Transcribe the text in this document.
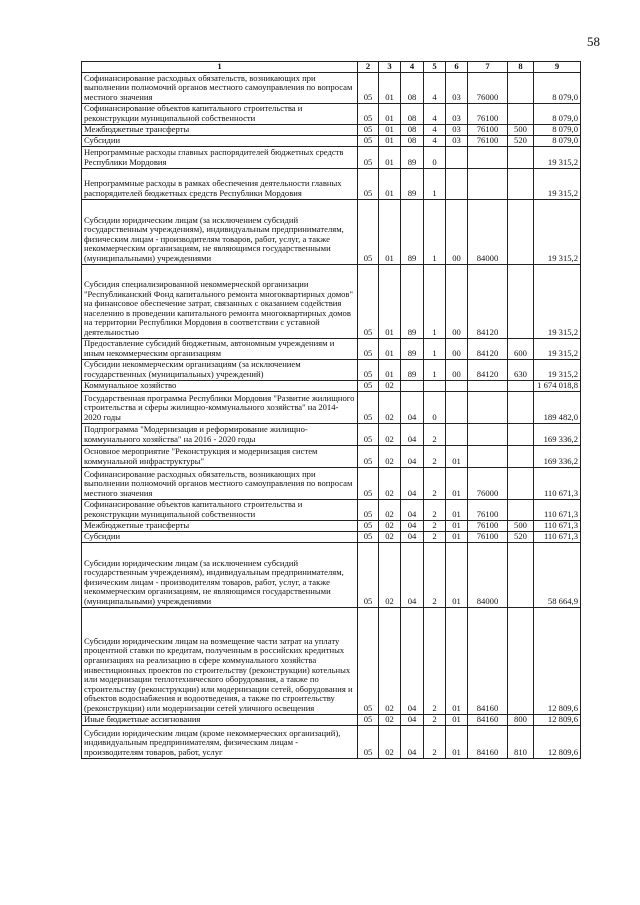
58
1	2	3	4	5	6	7	8	9
Софинансирование расходных обязательств, возникающих при выполнении полномочий органов местного самоуправления по вопросам местного значения	05	01	08	4	03	76000		8 079,0
Софинансирование объектов капитального строительства и реконструкции муниципальной собственности	05	01	08	4	03	76100		8 079,0
Межбюджетные трансферты	05	01	08	4	03	76100	500	8 079,0
Субсидии	05	01	08	4	03	76100	520	8 079,0
Непрограммные расходы главных распорядителей бюджетных средств Республики Мордовия	05	01	89	0				19 315,2
Непрограммные расходы в рамках обеспечения деятельности главных распорядителей бюджетных средств Республики Мордовия	05	01	89	1				19 315,2
Субсидии юридическим лицам (за исключением субсидий государственным учреждениям), индивидуальным предпринимателям, физическим лицам - производителям товаров, работ, услуг, а также некоммерческим организациям, не являющимся государственными (муниципальными) учреждениями	05	01	89	1	00	84000		19 315,2
Субсидия специализированной некоммерческой организации "Республиканский Фонд капитального ремонта многоквартирных домов" на финансовое обеспечение затрат, связанных с оказанием содействия населению в проведении капитального ремонта многоквартирных домов на территории Республики Мордовия в соответствии с уставной деятельностью	05	01	89	1	00	84120		19 315,2
Предоставление субсидий бюджетным, автономным учреждениям и иным некоммерческим организациям	05	01	89	1	00	84120	600	19 315,2
Субсидии некоммерческим организациям (за исключением государственных (муниципальных) учреждений)	05	01	89	1	00	84120	630	19 315,2
Коммунальное хозяйство	05	02						1 674 018,8
Государственная программа Республики Мордовия "Развитие жилищного строительства и сферы жилищно-коммунального хозяйства" на 2014-2020 годы	05	02	04	0				189 482,0
Подпрограмма "Модернизация и реформирование жилищно-коммунального хозяйства" на 2016 - 2020 годы	05	02	04	2				169 336,2
Основное мероприятие "Реконструкция и модернизация систем коммунальной инфраструктуры"	05	02	04	2	01			169 336,2
Софинансирование расходных обязательств, возникающих при выполнении полномочий органов местного самоуправления по вопросам местного значения	05	02	04	2	01	76000		110 671,3
Софинансирование объектов капитального строительства и реконструкции муниципальной собственности	05	02	04	2	01	76100		110 671,3
Межбюджетные трансферты	05	02	04	2	01	76100	500	110 671,3
Субсидии	05	02	04	2	01	76100	520	110 671,3
Субсидии юридическим лицам (за исключением субсидий государственным учреждениям), индивидуальным предпринимателям, физическим лицам - производителям товаров, работ, услуг, а также некоммерческим организациям, не являющимся государственными (муниципальными) учреждениями	05	02	04	2	01	84000		58 664,9
Субсидии юридическим лицам на возмещение части затрат на уплату процентной ставки по кредитам, полученным в российских кредитных организациях на реализацию в сфере коммунального хозяйства инвестиционных проектов по строительству (реконструкции) котельных или модернизации теплотехнического оборудования, а также по строительству (реконструкции) или модернизации сетей, оборудования и объектов водоснабжения и водоотведения, а также по строительству (реконструкции) или модернизации сетей уличного освещения	05	02	04	2	01	84160		12 809,6
Иные бюджетные ассигнования	05	02	04	2	01	84160	800	12 809,6
Субсидии юридическим лицам (кроме некоммерческих организаций), индивидуальным предпринимателям, физическим лицам - производителям товаров, работ, услуг	05	02	04	2	01	84160	810	12 809,6
